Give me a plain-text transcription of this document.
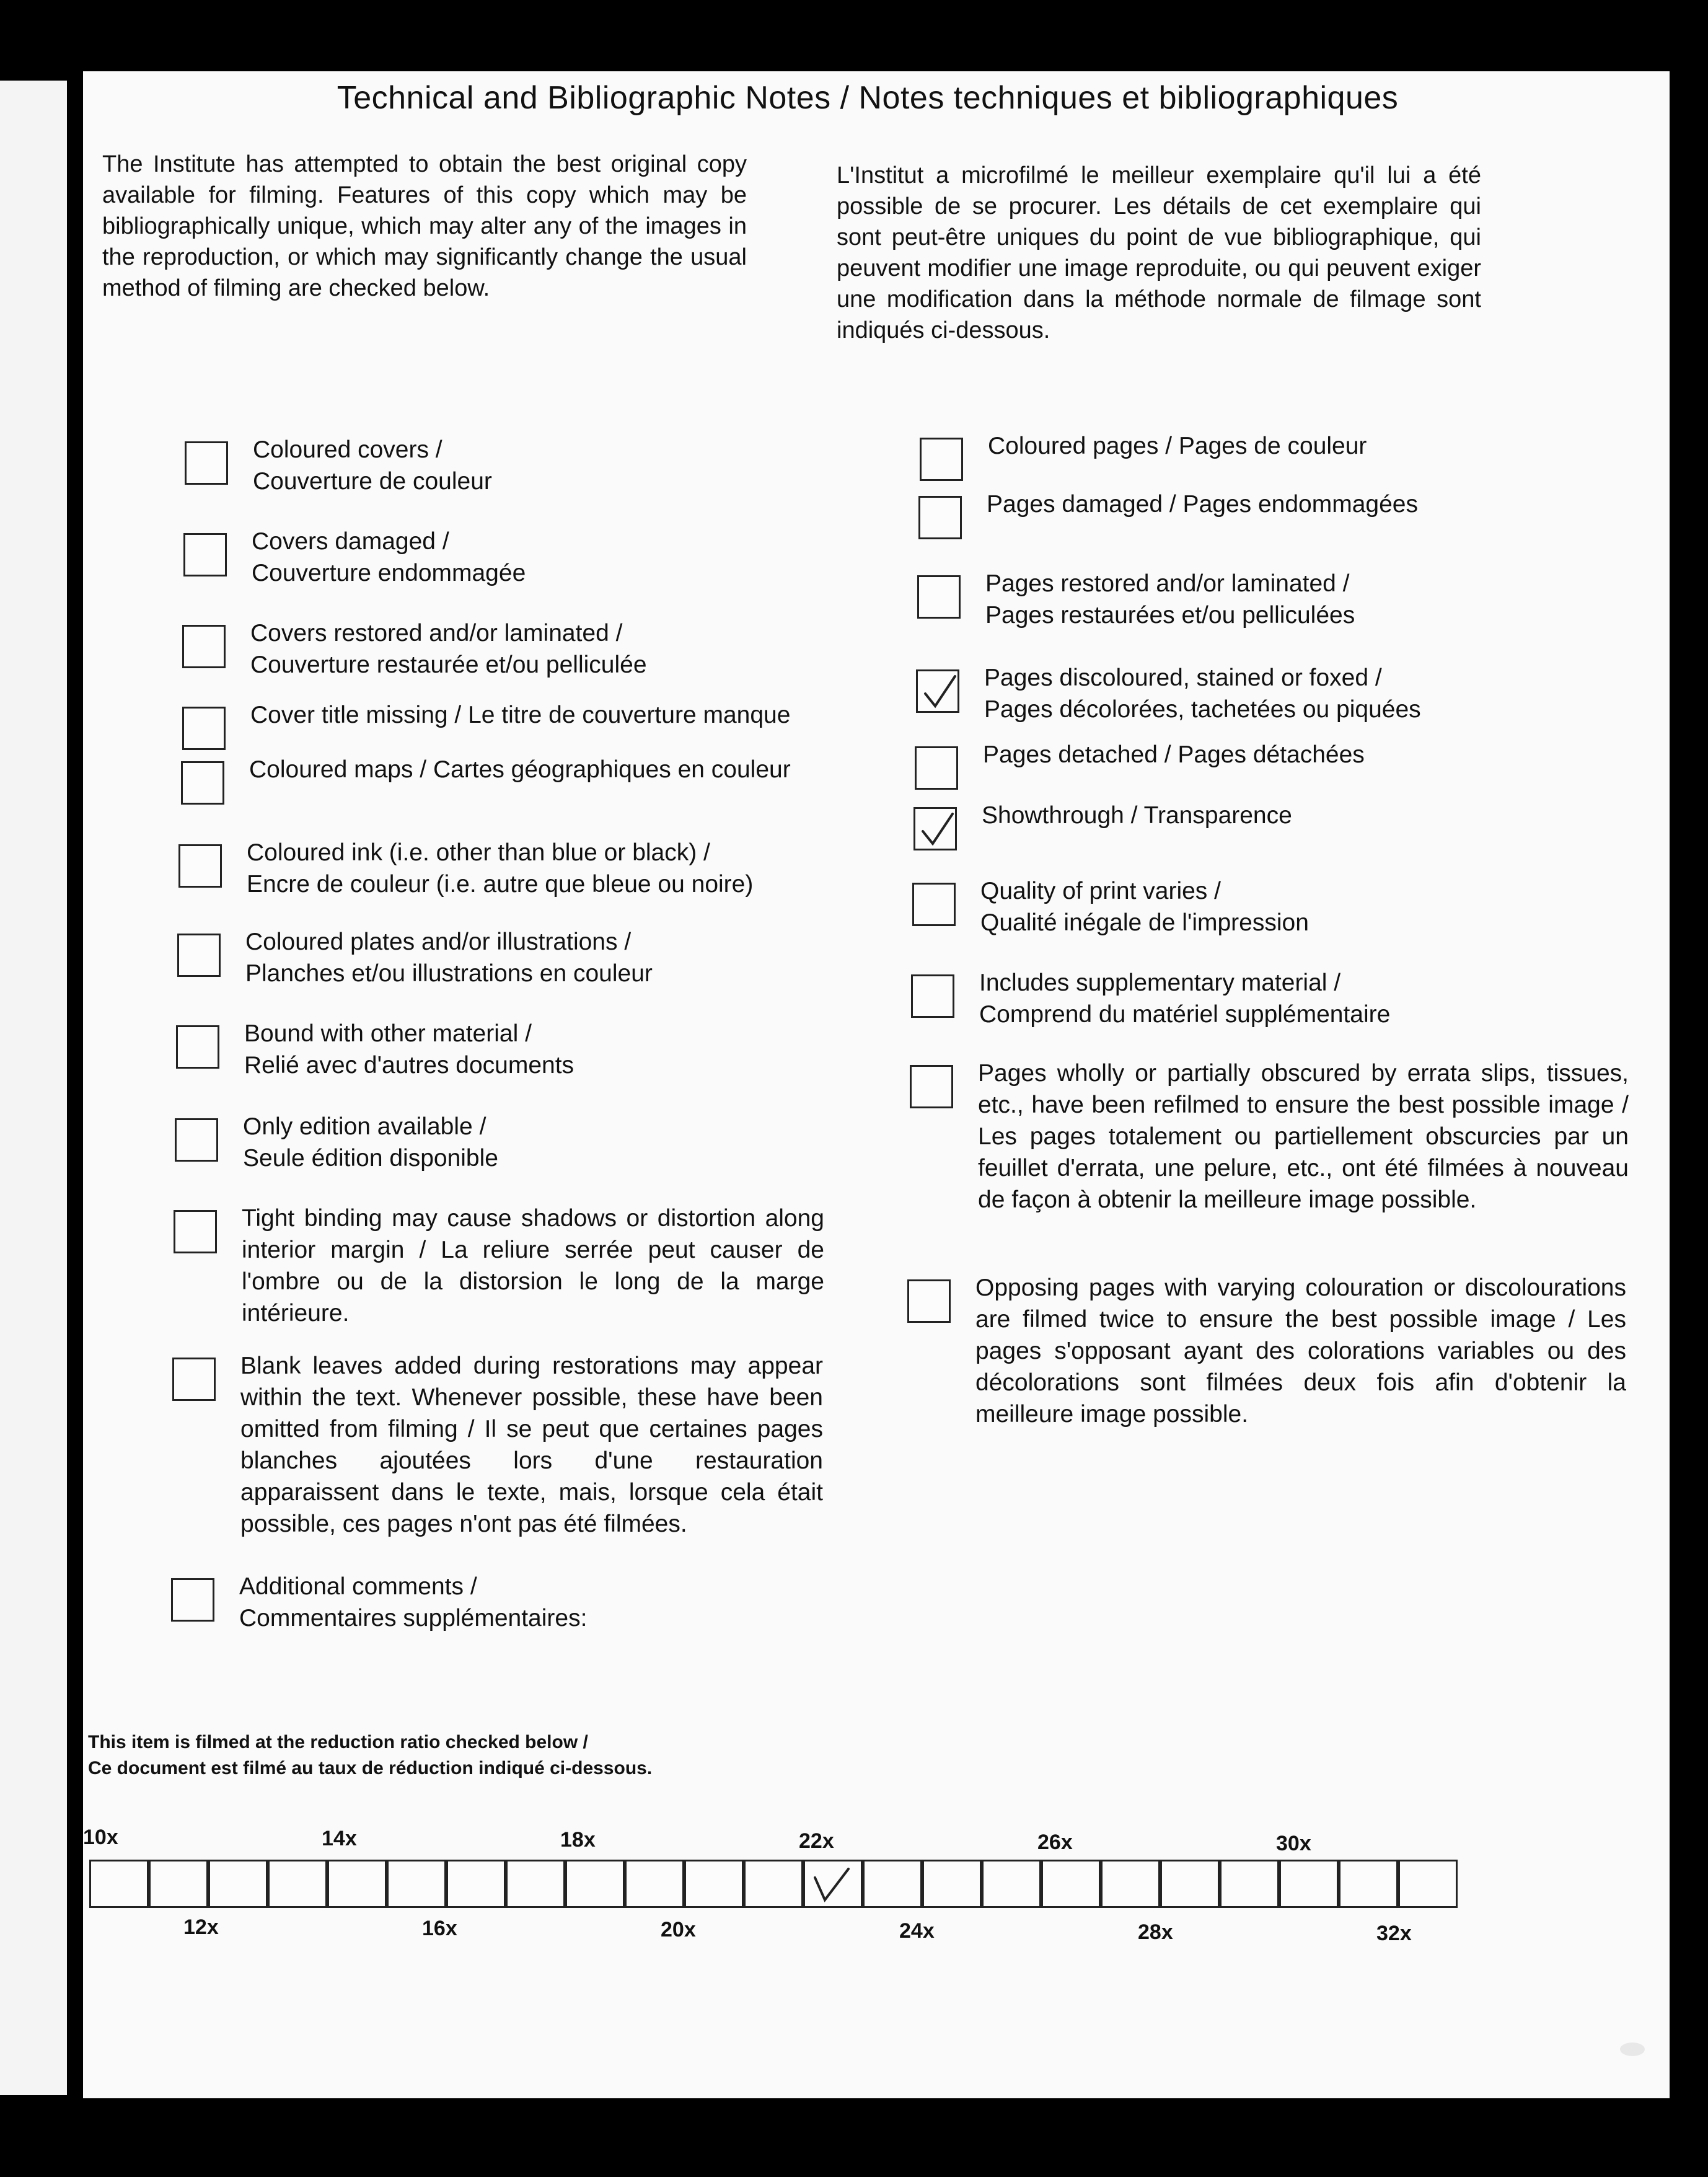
Technical and Bibliographic Notes / Notes techniques et bibliographiques
The Institute has attempted to obtain the best original copy available for filming. Features of this copy which may be bibliographically unique, which may alter any of the images in the reproduction, or which may significantly change the usual method of filming are checked below.
L'Institut a microfilmé le meilleur exemplaire qu'il lui a été possible de se procurer. Les détails de cet exemplaire qui sont peut-être uniques du point de vue bibliographique, qui peuvent modifier une image reproduite, ou qui peuvent exiger une modification dans la méthode normale de filmage sont indiqués ci-dessous.
Coloured covers /
Couverture de couleur
Covers damaged /
Couverture endommagée
Covers restored and/or laminated /
Couverture restaurée et/ou pelliculée
Cover title missing / Le titre de couverture manque
Coloured maps / Cartes géographiques en couleur
Coloured ink (i.e. other than blue or black) /
Encre de couleur (i.e. autre que bleue ou noire)
Coloured plates and/or illustrations /
Planches et/ou illustrations en couleur
Bound with other material /
Relié avec d'autres documents
Only edition available /
Seule édition disponible
Tight binding may cause shadows or distortion along interior margin / La reliure serrée peut causer de l'ombre ou de la distorsion le long de la marge intérieure.
Blank leaves added during restorations may appear within the text. Whenever possible, these have been omitted from filming / Il se peut que certaines pages blanches ajoutées lors d'une restauration apparaissent dans le texte, mais, lorsque cela était possible, ces pages n'ont pas été filmées.
Additional comments /
Commentaires supplémentaires:
Coloured pages / Pages de couleur
Pages damaged / Pages endommagées
Pages restored and/or laminated /
Pages restaurées et/ou pelliculées
Pages discoloured, stained or foxed /
Pages décolorées, tachetées ou piquées
Pages detached / Pages détachées
Showthrough / Transparence
Quality of print varies /
Qualité inégale de l'impression
Includes supplementary material /
Comprend du matériel supplémentaire
Pages wholly or partially obscured by errata slips, tissues, etc., have been refilmed to ensure the best possible image / Les pages totalement ou partiellement obscurcies par un feuillet d'errata, une pelure, etc., ont été filmées à nouveau de façon à obtenir la meilleure image possible.
Opposing pages with varying colouration or discolourations are filmed twice to ensure the best possible image / Les pages s'opposant ayant des colorations variables ou des décolorations sont filmées deux fois afin d'obtenir la meilleure image possible.
This item is filmed at the reduction ratio checked below /
Ce document est filmé au taux de réduction indiqué ci-dessous.
10x	14x	18x	22x	26x	30x
12x	16x	20x	24x	28x	32x
